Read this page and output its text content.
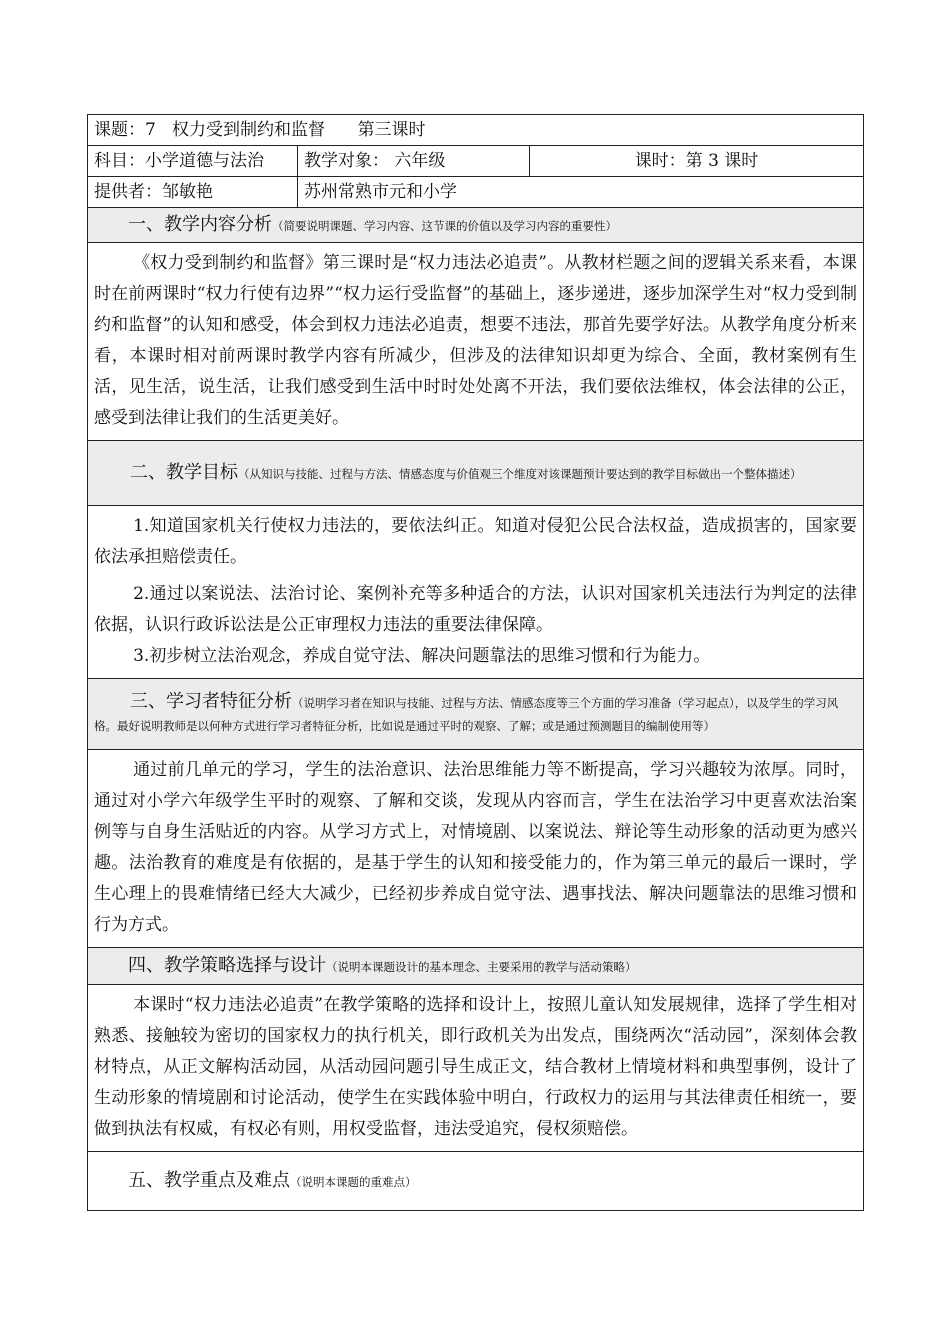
课题：7 权力受到制约和监督 第三课时		
科目：小学道德与法治	教学对象： 六年级	课时：第 3 课时
提供者：邹敏艳	苏州常熟市元和小学	
一、教学内容分析（简要说明课题、学习内容、这节课的价值以及学习内容的重要性）		

《权力受到制约和监督》第三课时是“权力违法必追责”。从教材栏题之间的逻辑关系来看，本课时在前两课时“权力行使有边界”“权力运行受监督”的基础上，逐步递进，逐步加深学生对“权力受到制约和监督”的认知和感受，体会到权力违法必追责，想要不违法，那首先要学好法。从教学角度分析来看，本课时相对前两课时教学内容有所减少，但涉及的法律知识却更为综合、全面，教材案例有生活，见生活，说生活，让我们感受到生活中时时处处离不开法，我们要依法维权，体会法律的公正，感受到法律让我们的生活更美好。		

二、教学目标（从知识与技能、过程与方法、情感态度与价值观三个维度对该课题预计要达到的教学目标做出一个整体描述）		

1.知道国家机关行使权力违法的，要依法纠正。知道对侵犯公民合法权益，造成损害的，国家要依法承担赔偿责任。

2.通过以案说法、法治讨论、案例补充等多种适合的方法，认识对国家机关违法行为判定的法律依据，认识行政诉讼法是公正审理权力违法的重要法律保障。

3.初步树立法治观念，养成自觉守法、解决问题靠法的思维习惯和行为能力。		

三、学习者特征分析（说明学习者在知识与技能、过程与方法、情感态度等三个方面的学习准备（学习起点），以及学生的学习风格。最好说明教师是以何种方式进行学习者特征分析，比如说是通过平时的观察、了解；或是通过预测题目的编制使用等）		

通过前几单元的学习，学生的法治意识、法治思维能力等不断提高，学习兴趣较为浓厚。同时，通过对小学六年级学生平时的观察、了解和交谈，发现从内容而言，学生在法治学习中更喜欢法治案例等与自身生活贴近的内容。从学习方式上，对情境剧、以案说法、辩论等生动形象的活动更为感兴趣。法治教育的难度是有依据的，是基于学生的认知和接受能力的，作为第三单元的最后一课时，学生心理上的畏难情绪已经大大减少，已经初步养成自觉守法、遇事找法、解决问题靠法的思维习惯和行为方式。		

四、教学策略选择与设计（说明本课题设计的基本理念、主要采用的教学与活动策略）		

本课时“权力违法必追责”在教学策略的选择和设计上，按照儿童认知发展规律，选择了学生相对熟悉、接触较为密切的国家权力的执行机关，即行政机关为出发点，围绕两次“活动园”，深刻体会教材特点，从正文解构活动园，从活动园问题引导生成正文，结合教材上情境材料和典型事例，设计了生动形象的情境剧和讨论活动，使学生在实践体验中明白，行政权力的运用与其法律责任相统一，要做到执法有权威，有权必有则，用权受监督，违法受追究，侵权须赔偿。		

五、教学重点及难点（说明本课题的重难点）		
